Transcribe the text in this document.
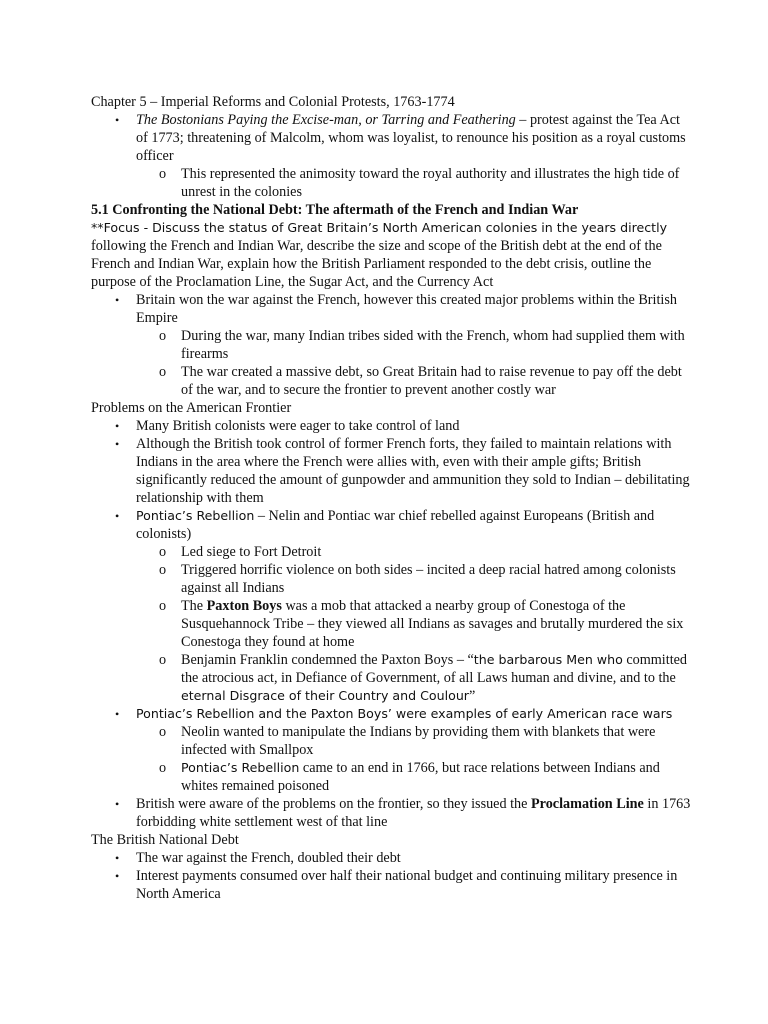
Chapter 5 – Imperial Reforms and Colonial Protests, 1763-1774

• The Bostonians Paying the Excise-man, or Tarring and Feathering – protest against the Tea Act of 1773; threatening of Malcolm, whom was loyalist, to renounce his position as a royal customs officer
o This represented the animosity toward the royal authority and illustrates the high tide of unrest in the colonies

5.1 Confronting the National Debt: The aftermath of the French and Indian War

**Focus - Discuss the status of Great Britain’s North American colonies in the years directly following the French and Indian War, describe the size and scope of the British debt at the end of the French and Indian War, explain how the British Parliament responded to the debt crisis, outline the purpose of the Proclamation Line, the Sugar Act, and the Currency Act

• Britain won the war against the French, however this created major problems within the British Empire
o During the war, many Indian tribes sided with the French, whom had supplied them with firearms
o The war created a massive debt, so Great Britain had to raise revenue to pay off the debt of the war, and to secure the frontier to prevent another costly war

Problems on the American Frontier

• Many British colonists were eager to take control of land
• Although the British took control of former French forts, they failed to maintain relations with Indians in the area where the French were allies with, even with their ample gifts; British significantly reduced the amount of gunpowder and ammunition they sold to Indian – debilitating relationship with them
• Pontiac’s Rebellion – Nelin and Pontiac war chief rebelled against Europeans (British and colonists)
o Led siege to Fort Detroit
o Triggered horrific violence on both sides – incited a deep racial hatred among colonists against all Indians
o The Paxton Boys was a mob that attacked a nearby group of Conestoga of the Susquehannock Tribe – they viewed all Indians as savages and brutally murdered the six Conestoga they found at home
o Benjamin Franklin condemned the Paxton Boys – “the barbarous Men who committed the atrocious act, in Defiance of Government, of all Laws human and divine, and to the eternal Disgrace of their Country and Coulour”
• Pontiac’s Rebellion and the Paxton Boys’ were examples of early American race wars
o Neolin wanted to manipulate the Indians by providing them with blankets that were infected with Smallpox
o Pontiac’s Rebellion came to an end in 1766, but race relations between Indians and whites remained poisoned
• British were aware of the problems on the frontier, so they issued the Proclamation Line in 1763 forbidding white settlement west of that line

The British National Debt

• The war against the French, doubled their debt
• Interest payments consumed over half their national budget and continuing military presence in North America
